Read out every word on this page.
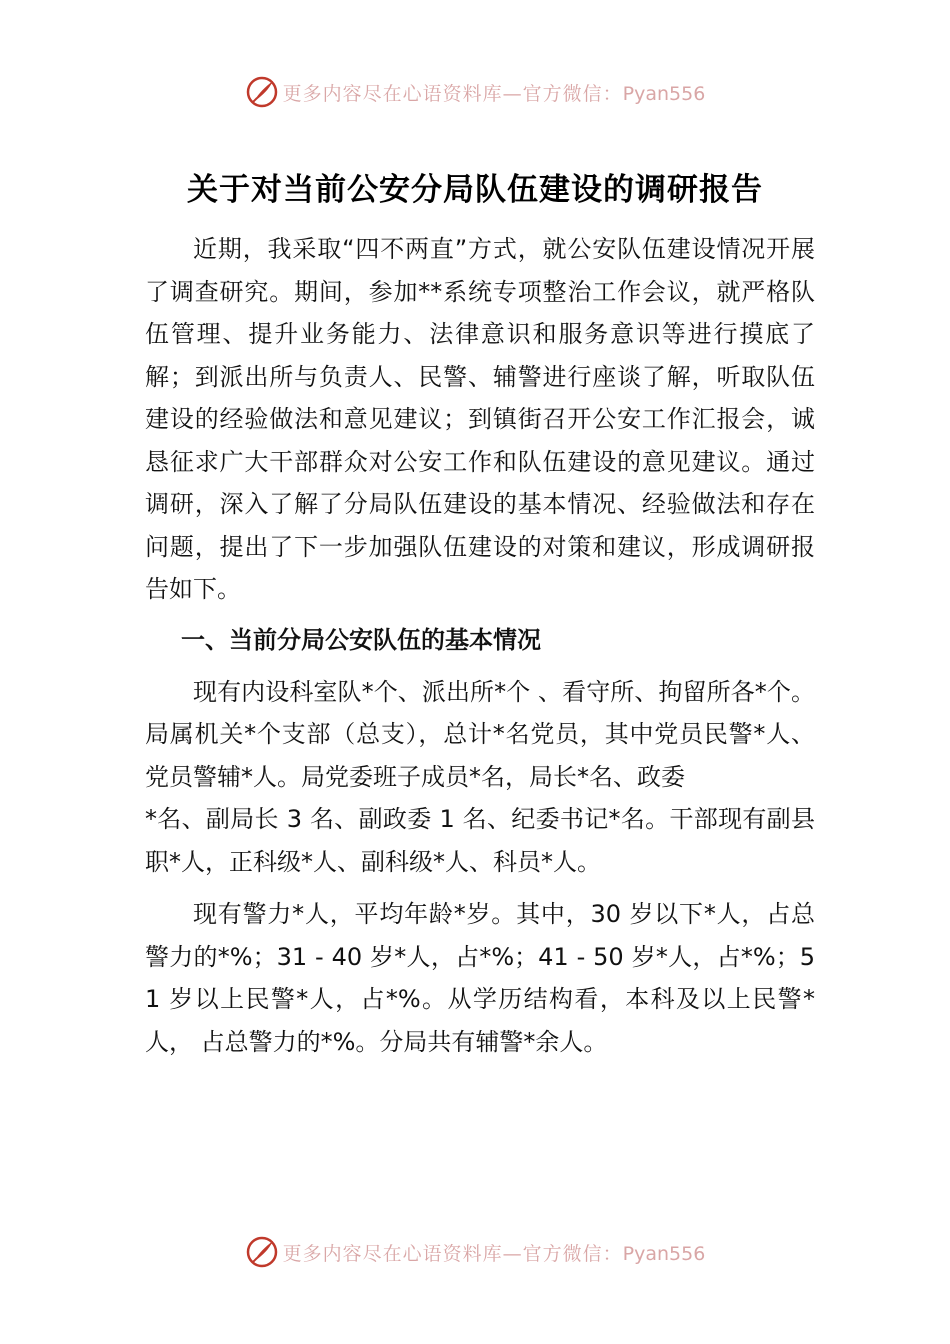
更多内容尽在心语资料库—官方微信：Pyan556
关于对当前公安分局队伍建设的调研报告

近期，我采取“四不两直”方式，就公安队伍建设情况开展了调查研究。期间，参加**系统专项整治工作会议，就严格队伍管理、提升业务能力、法律意识和服务意识等进行摸底了解；到派出所与负责人、民警、辅警进行座谈了解，听取队伍建设的经验做法和意见建议；到镇街召开公安工作汇报会，诚恳征求广大干部群众对公安工作和队伍建设的意见建议。通过调研，深入了解了分局队伍建设的基本情况、经验做法和存在问题，提出了下一步加强队伍建设的对策和建议，形成调研报告如下。

一、当前分局公安队伍的基本情况

现有内设科室队*个、派出所*个 、看守所、拘留所各*个。局属机关*个支部（总支），总计*名党员，其中党员民警*人、党员警辅*人。局党委班子成员*名，局长*名、政委

*名、副局长 3 名、副政委 1 名、纪委书记*名。干部现有副县职*人，正科级*人、副科级*人、科员*人。

现有警力*人，平均年龄*岁。其中，30 岁以下*人，占总警力的*%；31 - 40 岁*人，占*%；41 - 50 岁*人，占*%；51 岁以上民警*人，占*%。从学历结构看，本科及以上民警*人， 占总警力的*%。分局共有辅警*余人。

更多内容尽在心语资料库—官方微信：Pyan556
